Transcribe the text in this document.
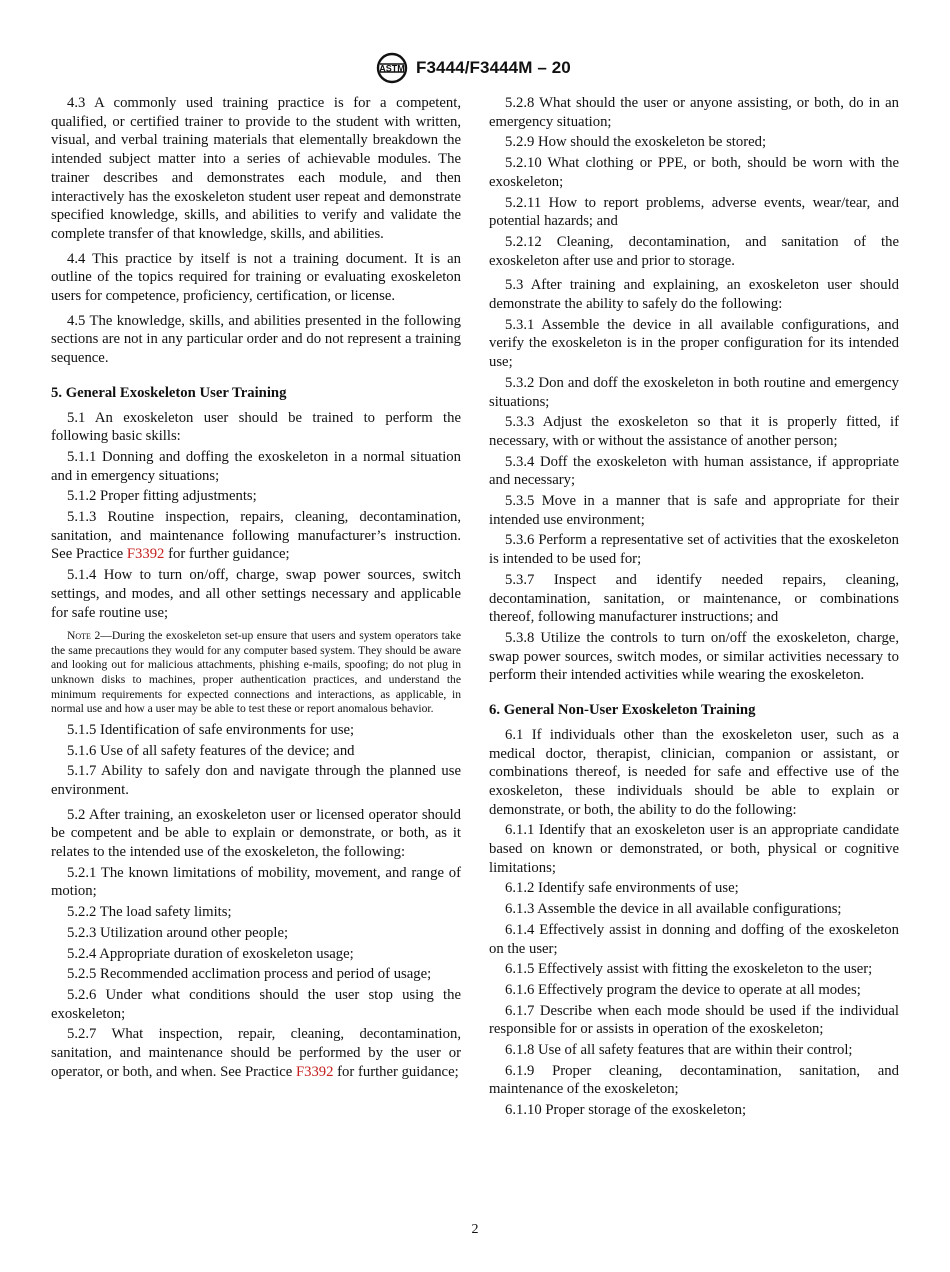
ASTM F3444/F3444M – 20

4.3 A commonly used training practice is for a competent, qualified, or certified trainer to provide to the student with written, visual, and verbal training materials that elementally breakdown the intended subject matter into a series of achievable modules. The trainer describes and demonstrates each module, and then interactively has the exoskeleton student user repeat and demonstrate specified knowledge, skills, and abilities to verify and validate the complete transfer of that knowledge, skills, and abilities.

4.4 This practice by itself is not a training document. It is an outline of the topics required for training or evaluating exoskeleton users for competence, proficiency, certification, or license.

4.5 The knowledge, skills, and abilities presented in the following sections are not in any particular order and do not represent a training sequence.

5. General Exoskeleton User Training

5.1 An exoskeleton user should be trained to perform the following basic skills:

5.1.1 Donning and doffing the exoskeleton in a normal situation and in emergency situations;

5.1.2 Proper fitting adjustments;

5.1.3 Routine inspection, repairs, cleaning, decontamination, sanitation, and maintenance following manufacturer’s instruction. See Practice F3392 for further guidance;

5.1.4 How to turn on/off, charge, swap power sources, switch settings, and modes, and all other settings necessary and applicable for safe routine use;

Note 2—During the exoskeleton set-up ensure that users and system operators take the same precautions they would for any computer based system. They should be aware and looking out for malicious attachments, phishing e-mails, spoofing; do not plug in unknown disks to machines, proper authentication practices, and understand the minimum requirements for expected connections and interactions, as applicable, in normal use and how a user may be able to test these or report anomalous behavior.

5.1.5 Identification of safe environments for use;

5.1.6 Use of all safety features of the device; and

5.1.7 Ability to safely don and navigate through the planned use environment.

5.2 After training, an exoskeleton user or licensed operator should be competent and be able to explain or demonstrate, or both, as it relates to the intended use of the exoskeleton, the following:

5.2.1 The known limitations of mobility, movement, and range of motion;

5.2.2 The load safety limits;

5.2.3 Utilization around other people;

5.2.4 Appropriate duration of exoskeleton usage;

5.2.5 Recommended acclimation process and period of usage;

5.2.6 Under what conditions should the user stop using the exoskeleton;

5.2.7 What inspection, repair, cleaning, decontamination, sanitation, and maintenance should be performed by the user or operator, or both, and when. See Practice F3392 for further guidance;

5.2.8 What should the user or anyone assisting, or both, do in an emergency situation;

5.2.9 How should the exoskeleton be stored;

5.2.10 What clothing or PPE, or both, should be worn with the exoskeleton;

5.2.11 How to report problems, adverse events, wear/tear, and potential hazards; and

5.2.12 Cleaning, decontamination, and sanitation of the exoskeleton after use and prior to storage.

5.3 After training and explaining, an exoskeleton user should demonstrate the ability to safely do the following:

5.3.1 Assemble the device in all available configurations, and verify the exoskeleton is in the proper configuration for its intended use;

5.3.2 Don and doff the exoskeleton in both routine and emergency situations;

5.3.3 Adjust the exoskeleton so that it is properly fitted, if necessary, with or without the assistance of another person;

5.3.4 Doff the exoskeleton with human assistance, if appropriate and necessary;

5.3.5 Move in a manner that is safe and appropriate for their intended use environment;

5.3.6 Perform a representative set of activities that the exoskeleton is intended to be used for;

5.3.7 Inspect and identify needed repairs, cleaning, decontamination, sanitation, or maintenance, or combinations thereof, following manufacturer instructions; and

5.3.8 Utilize the controls to turn on/off the exoskeleton, charge, swap power sources, switch modes, or similar activities necessary to perform their intended activities while wearing the exoskeleton.

6. General Non-User Exoskeleton Training

6.1 If individuals other than the exoskeleton user, such as a medical doctor, therapist, clinician, companion or assistant, or combinations thereof, is needed for safe and effective use of the exoskeleton, these individuals should be able to explain or demonstrate, or both, the ability to do the following:

6.1.1 Identify that an exoskeleton user is an appropriate candidate based on known or demonstrated, or both, physical or cognitive limitations;

6.1.2 Identify safe environments of use;

6.1.3 Assemble the device in all available configurations;

6.1.4 Effectively assist in donning and doffing of the exoskeleton on the user;

6.1.5 Effectively assist with fitting the exoskeleton to the user;

6.1.6 Effectively program the device to operate at all modes;

6.1.7 Describe when each mode should be used if the individual responsible for or assists in operation of the exoskeleton;

6.1.8 Use of all safety features that are within their control;

6.1.9 Proper cleaning, decontamination, sanitation, and maintenance of the exoskeleton;

6.1.10 Proper storage of the exoskeleton;

2
